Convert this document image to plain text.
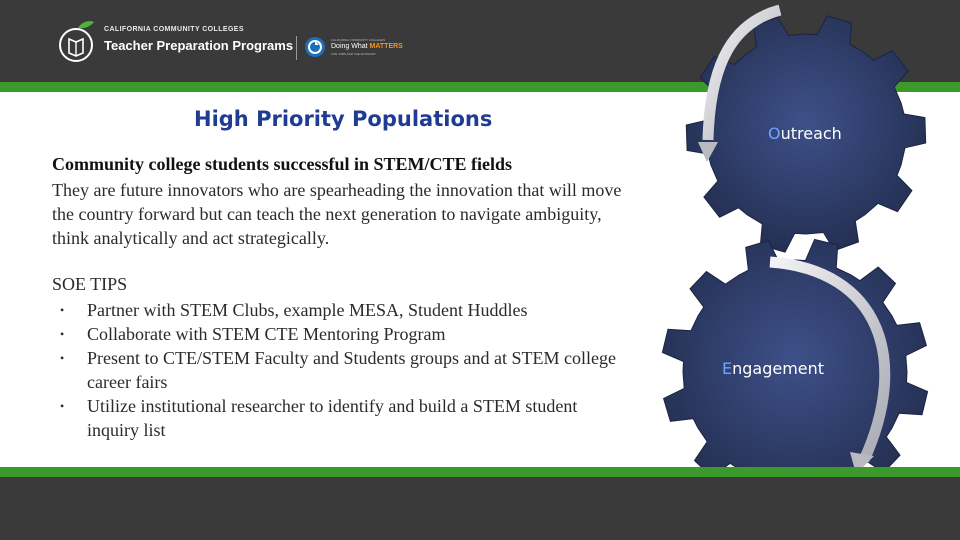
CALIFORNIA COMMUNITY COLLEGES
Teacher Preparation Programs	CALIFORNIA COMMUNITY COLLEGES
Doing What MATTERS
FOR JOBS AND THE ECONOMY
High Priority Populations
Community college students successful in STEM/CTE fields
They are future innovators who are spearheading the innovation that will move the country forward but can teach the next generation to navigate ambiguity, think analytically and act strategically.
SOE TIPS
• Partner with STEM Clubs, example MESA, Student Huddles
• Collaborate with STEM CTE Mentoring Program
• Present to CTE/STEM Faculty and Students groups and at STEM college career fairs
• Utilize institutional researcher to identify and build a STEM student inquiry list
Outreach
Engagement
